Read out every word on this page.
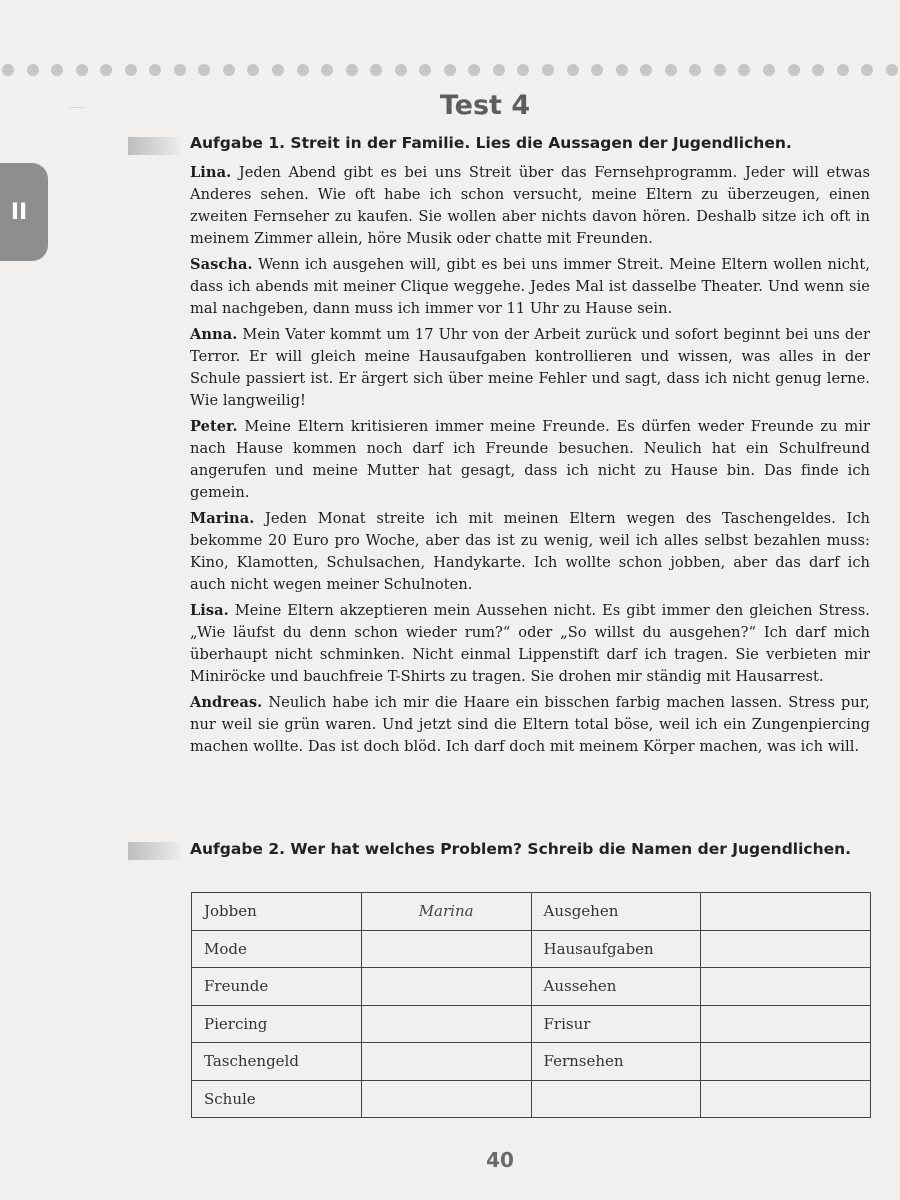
II
―	Test 4
Aufgabe 1. Streit in der Familie. Lies die Aussagen der Jugendlichen.

Lina. Jeden Abend gibt es bei uns Streit über das Fernsehprogramm. Jeder will etwas Anderes sehen. Wie oft habe ich schon versucht, meine Eltern zu überzeugen, einen zweiten Fernseher zu kaufen. Sie wollen aber nichts davon hören. Deshalb sitze ich oft in meinem Zimmer allein, höre Musik oder chatte mit Freunden.

Sascha. Wenn ich ausgehen will, gibt es bei uns immer Streit. Meine Eltern wollen nicht, dass ich abends mit meiner Clique weggehe. Jedes Mal ist dasselbe Theater. Und wenn sie mal nachgeben, dann muss ich immer vor 11 Uhr zu Hause sein.

Anna. Mein Vater kommt um 17 Uhr von der Arbeit zurück und sofort beginnt bei uns der Terror. Er will gleich meine Hausaufgaben kontrollieren und wissen, was alles in der Schule passiert ist. Er ärgert sich über meine Fehler und sagt, dass ich nicht genug lerne. Wie langweilig!

Peter. Meine Eltern kritisieren immer meine Freunde. Es dürfen weder Freunde zu mir nach Hause kommen noch darf ich Freunde besuchen. Neulich hat ein Schulfreund angerufen und meine Mutter hat gesagt, dass ich nicht zu Hause bin. Das finde ich gemein.

Marina. Jeden Monat streite ich mit meinen Eltern wegen des Taschengeldes. Ich bekomme 20 Euro pro Woche, aber das ist zu wenig, weil ich alles selbst bezahlen muss: Kino, Klamotten, Schulsachen, Handykarte. Ich wollte schon jobben, aber das darf ich auch nicht wegen meiner Schulnoten.

Lisa. Meine Eltern akzeptieren mein Aussehen nicht. Es gibt immer den gleichen Stress. „Wie läufst du denn schon wieder rum?“ oder „So willst du ausgehen?“ Ich darf mich überhaupt nicht schminken. Nicht einmal Lippenstift darf ich tragen. Sie verbieten mir Miniröcke und bauchfreie T-Shirts zu tragen. Sie drohen mir ständig mit Hausarrest.

Andreas. Neulich habe ich mir die Haare ein bisschen farbig machen lassen. Stress pur, nur weil sie grün waren. Und jetzt sind die Eltern total böse, weil ich ein Zungenpiercing machen wollte. Das ist doch blöd. Ich darf doch mit meinem Körper machen, was ich will.

Aufgabe 2. Wer hat welches Problem? Schreib die Namen der Jugendlichen.
Jobben	Marina	Ausgehen	
Mode		Hausaufgaben	
Freunde		Aussehen	
Piercing		Frisur	
Taschengeld		Fernsehen	
Schule			
40
